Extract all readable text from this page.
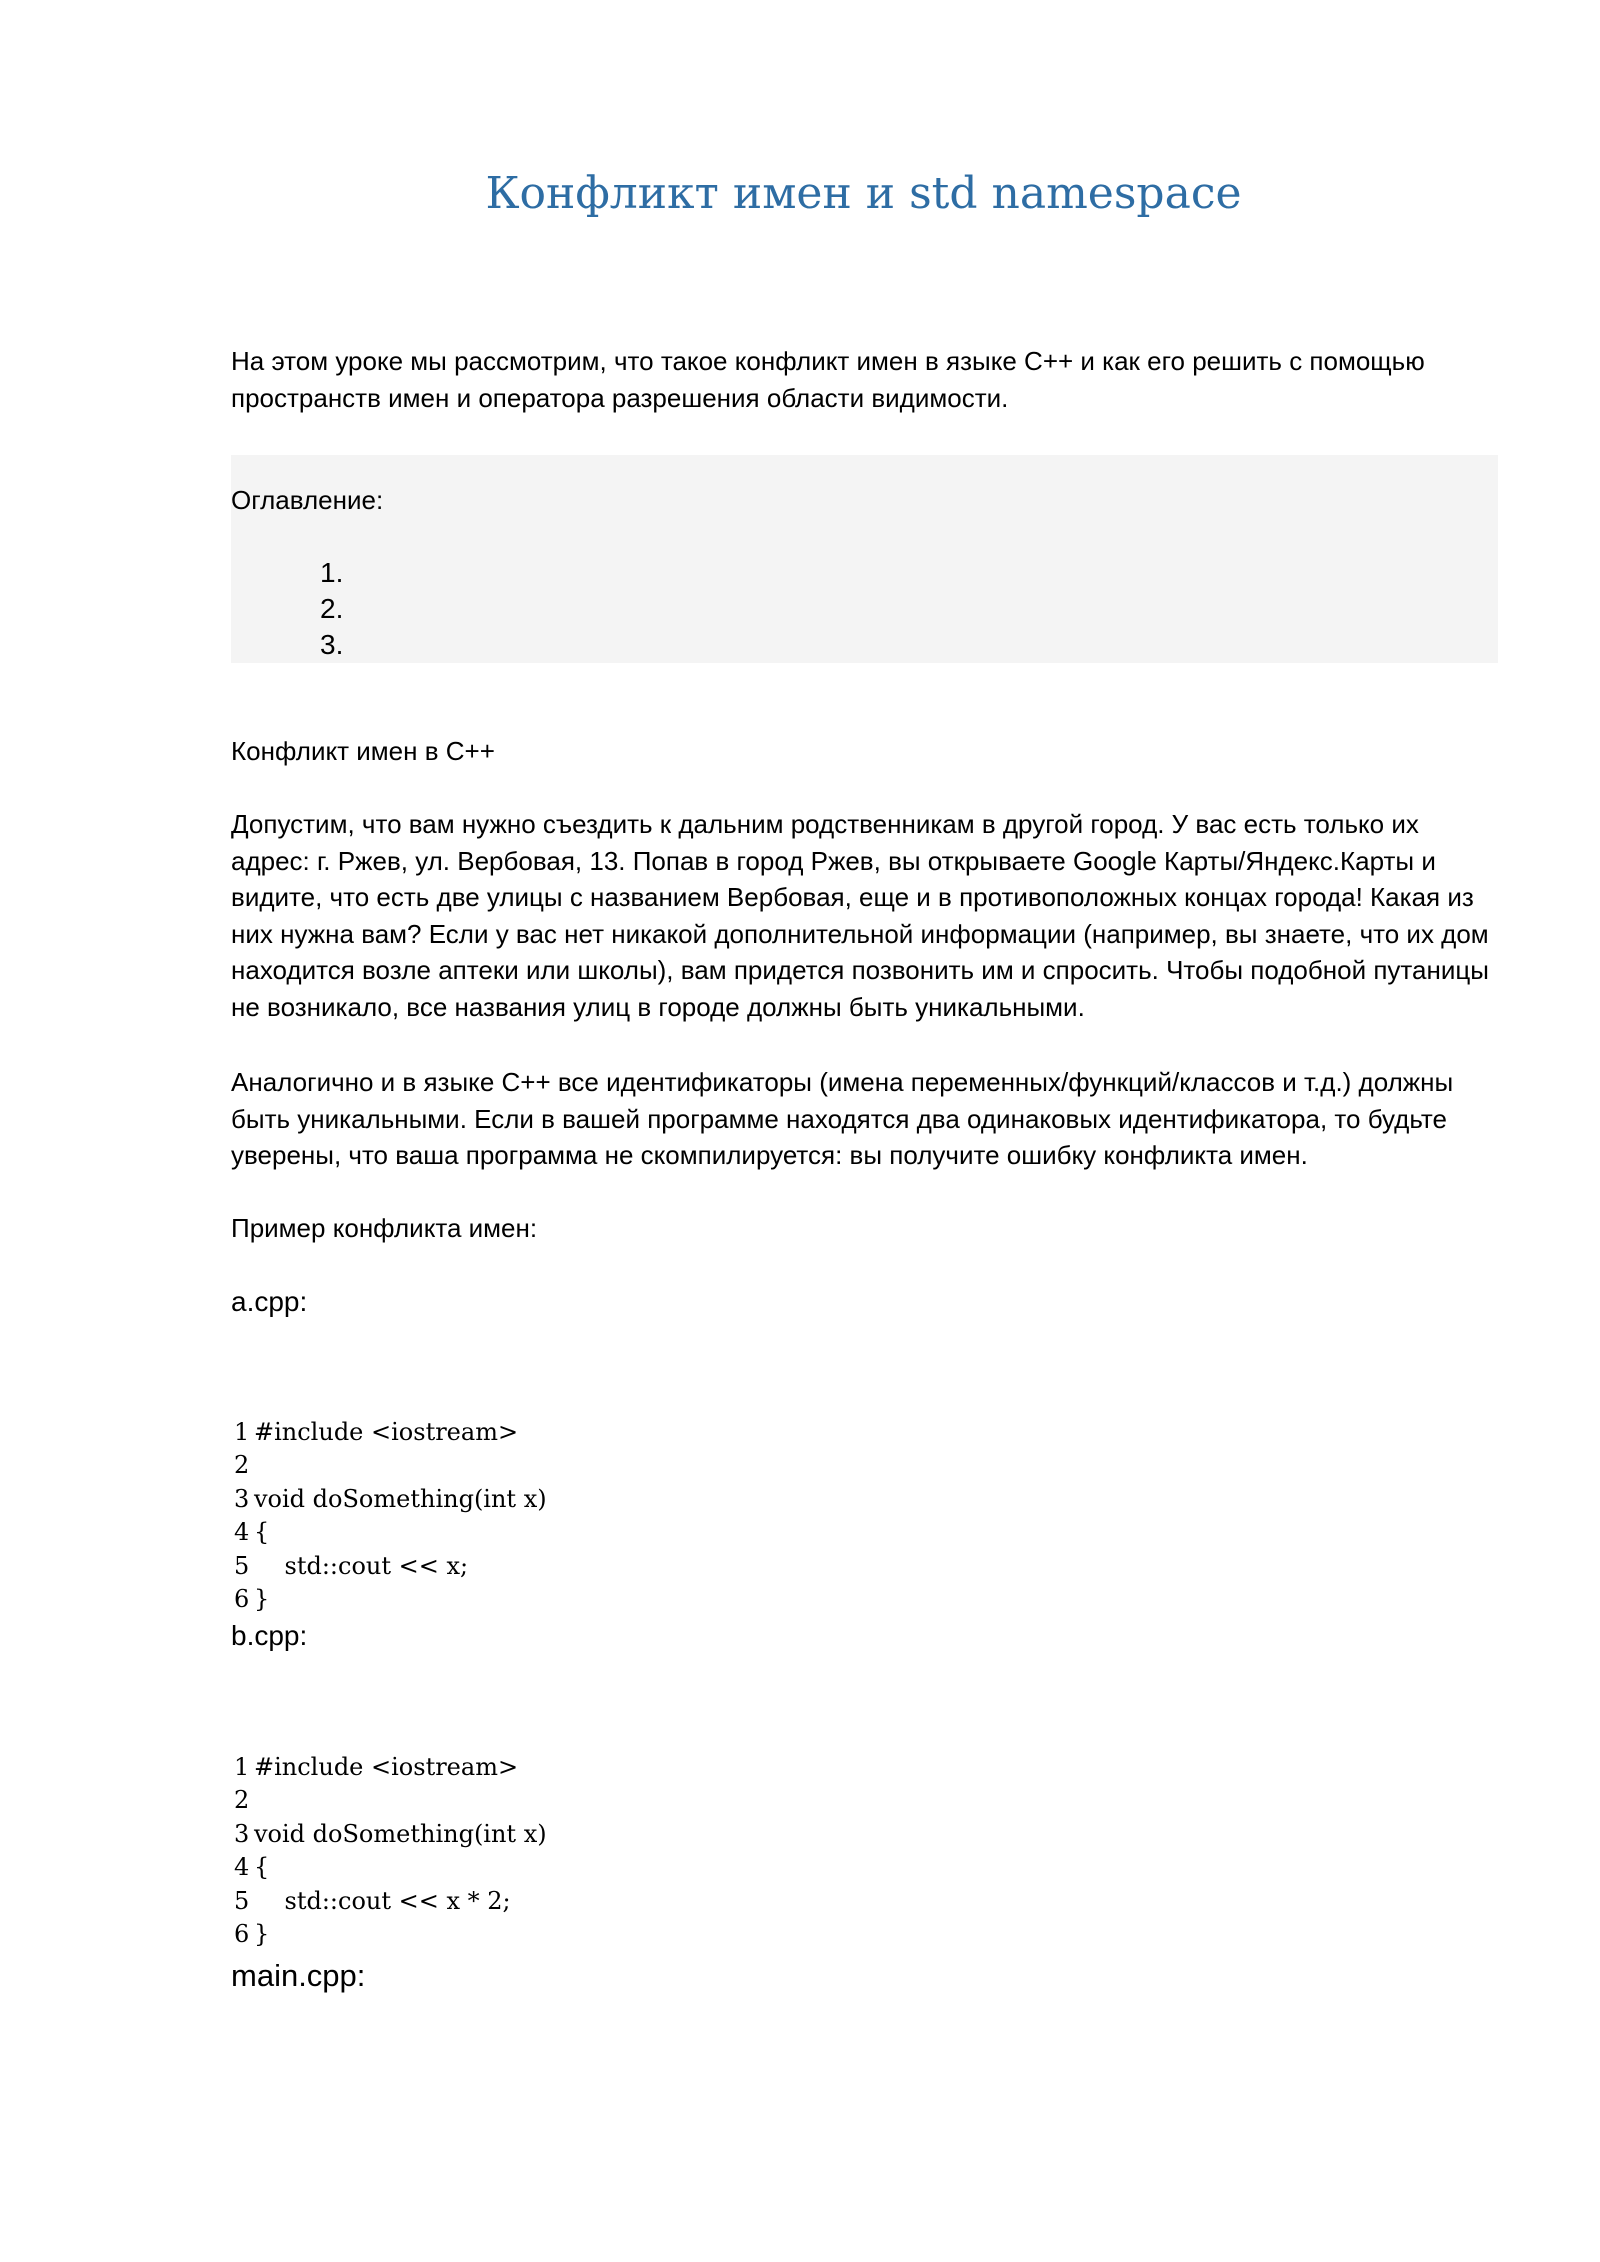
Конфликт имен и std namespace

На этом уроке мы рассмотрим, что такое конфликт имен в языке C++ и как его решить с помощью пространств имен и оператора разрешения области видимости.

Оглавление:

1.
2.
3.

Конфликт имен в C++

Допустим, что вам нужно съездить к дальним родственникам в другой город. У вас есть только их адрес: г. Ржев, ул. Вербовая, 13. Попав в город Ржев, вы открываете Google Карты/Яндекс.Карты и видите, что есть две улицы с названием Вербовая, еще и в противоположных концах города! Какая из них нужна вам? Если у вас нет никакой дополнительной информации (например, вы знаете, что их дом находится возле аптеки или школы), вам придется позвонить им и спросить. Чтобы подобной путаницы не возникало, все названия улиц в городе должны быть уникальными.

Аналогично и в языке C++ все идентификаторы (имена переменных/функций/классов и т.д.) должны быть уникальными. Если в вашей программе находятся два одинаковых идентификатора, то будьте уверены, что ваша программа не скомпилируется: вы получите ошибку конфликта имен.

Пример конфликта имен:

a.cpp:

1 #include <iostream>
2
3 void doSomething(int x)
4 {
5 std::cout << x;
6 }

b.cpp:

1 #include <iostream>
2
3 void doSomething(int x)
4 {
5 std::cout << x * 2;
6 }

main.cpp:
